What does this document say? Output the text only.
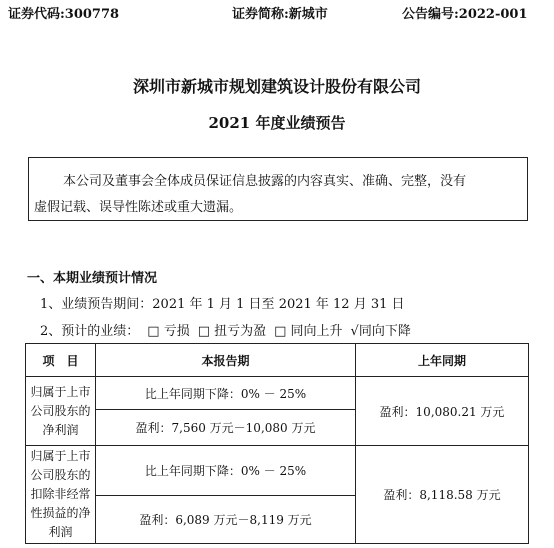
证券代码:300778	证券简称:新城市	公告编号:2022-001
深圳市新城市规划建筑设计股份有限公司
2021 年度业绩预告
本公司及董事会全体成员保证信息披露的内容真实、准确、完整，没有
虚假记载、误导性陈述或重大遗漏。
一、本期业绩预计情况
1、业绩预告期间：2021 年 1 月 1 日至 2021 年 12 月 31 日
2、预计的业绩： □ 亏损 □ 扭亏为盈 □ 同向上升 √同向下降
项　目	本报告期	上年同期

归属于上市
公司股东的
净利润	比上年同期下降：0% － 25%	盈利：10,080.21 万元
	盈利：7,560 万元－10,080 万元	

归属于上市
公司股东的
扣除非经常
性损益的净
利润	比上年同期下降：0% － 25%	盈利：8,118.58 万元
	盈利：6,089 万元－8,119 万元	
